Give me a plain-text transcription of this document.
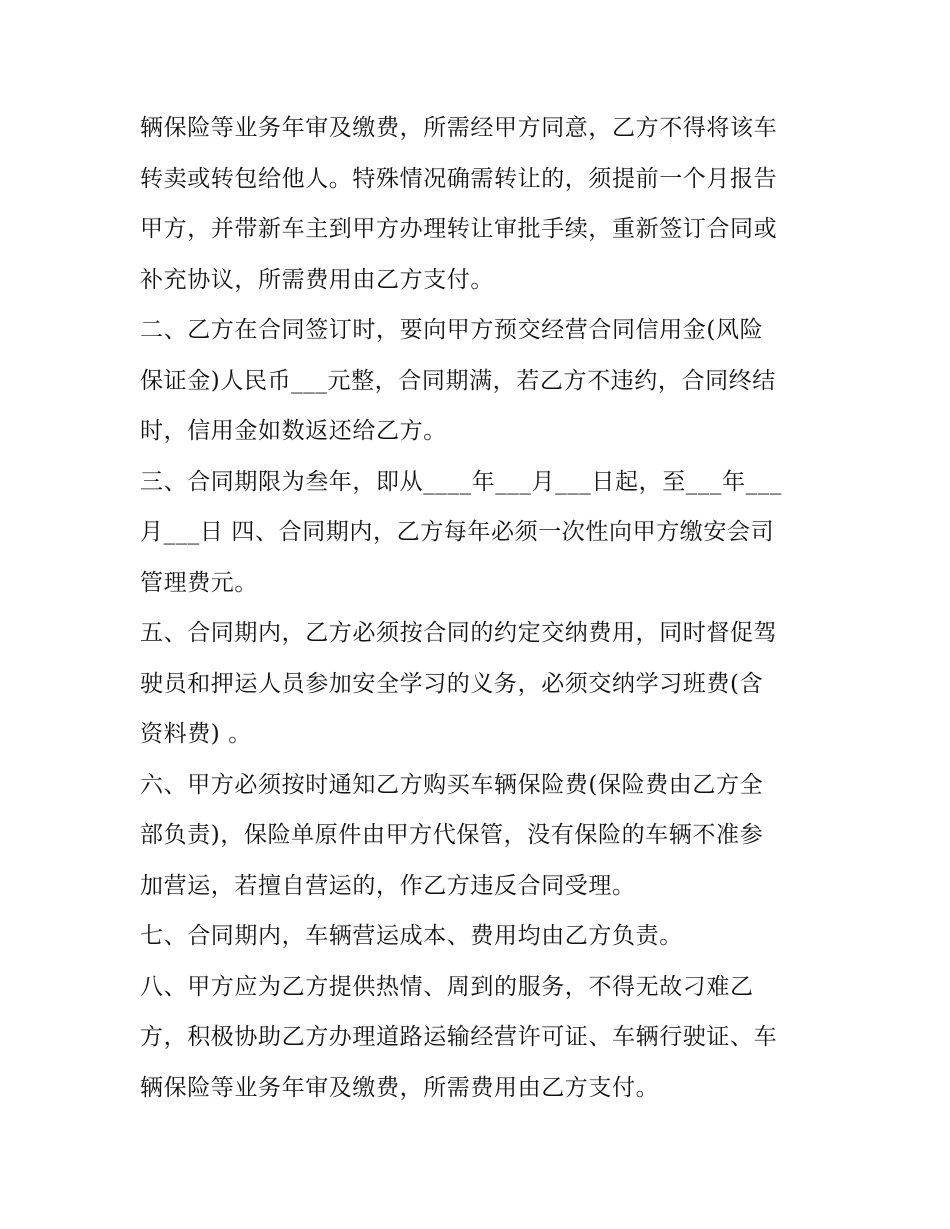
辆保险等业务年审及缴费，所需经甲方同意，乙方不得将该车

转卖或转包给他人。特殊情况确需转让的，须提前一个月报告

甲方，并带新车主到甲方办理转让审批手续，重新签订合同或

补充协议，所需费用由乙方支付。

二、乙方在合同签订时，要向甲方预交经营合同信用金(风险

保证金)人民币___元整，合同期满，若乙方不违约，合同终结

时，信用金如数返还给乙方。

三、合同期限为叁年，即从____年___月___日起，至___年___

月___日 四、合同期内，乙方每年必须一次性向甲方缴安会司

管理费元。

五、合同期内，乙方必须按合同的约定交纳费用，同时督促驾

驶员和押运人员参加安全学习的义务，必须交纳学习班费(含

资料费) 。

六、甲方必须按时通知乙方购买车辆保险费(保险费由乙方全

部负责)，保险单原件由甲方代保管，没有保险的车辆不准参

加营运，若擅自营运的，作乙方违反合同受理。

七、合同期内，车辆营运成本、费用均由乙方负责。

八、甲方应为乙方提供热情、周到的服务，不得无故刁难乙

方，积极协助乙方办理道路运输经营许可证、车辆行驶证、车

辆保险等业务年审及缴费，所需费用由乙方支付。
